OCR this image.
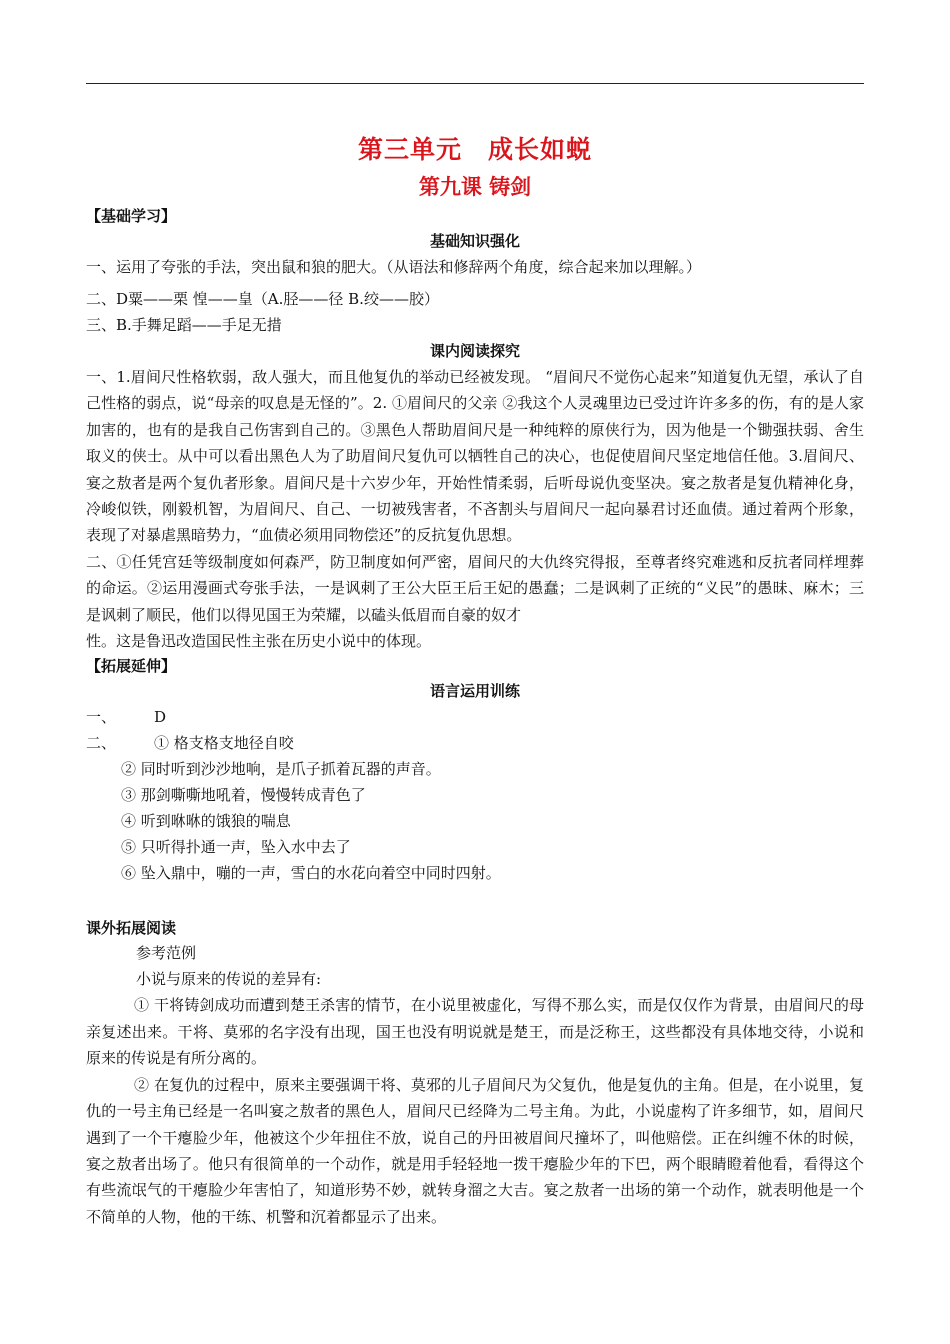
第三单元　成长如蜕
第九课 铸剑
【基础学习】
基础知识强化
一、运用了夸张的手法，突出鼠和狼的肥大。（从语法和修辞两个角度，综合起来加以理解。）
二、D粟——栗 惶——皇（A.胫——径 B.绞——胶）
三、B.手舞足蹈——手足无措
课内阅读探究
一、1.眉间尺性格软弱，敌人强大，而且他复仇的举动已经被发现。 “眉间尺不觉伤心起来”知道复仇无望，承认了自己性格的弱点，说“母亲的叹息是无怪的”。2. ①眉间尺的父亲 ②我这个人灵魂里边已受过许许多多的伤，有的是人家加害的，也有的是我自己伤害到自己的。③黑色人帮助眉间尺是一种纯粹的原侠行为，因为他是一个锄强扶弱、舍生取义的侠士。从中可以看出黑色人为了助眉间尺复仇可以牺牲自己的决心，也促使眉间尺坚定地信任他。3.眉间尺、宴之敖者是两个复仇者形象。眉间尺是十六岁少年，开始性情柔弱，后听母说仇变坚决。宴之敖者是复仇精神化身，冷峻似铁，刚毅机智，为眉间尺、自己、一切被残害者，不吝割头与眉间尺一起向暴君讨还血债。通过着两个形象，表现了对暴虐黑暗势力，“血债必须用同物偿还”的反抗复仇思想。
二、①任凭宫廷等级制度如何森严，防卫制度如何严密，眉间尺的大仇终究得报，至尊者终究难逃和反抗者同样埋葬的命运。②运用漫画式夸张手法，一是讽刺了王公大臣王后王妃的愚蠢；二是讽刺了正统的“义民”的愚昧、麻木；三是讽刺了顺民，他们以得见国王为荣耀，以磕头低眉而自豪的奴才
性。这是鲁迅改造国民性主张在历史小说中的体现。
【拓展延伸】
语言运用训练
一、	D
二、	① 格支格支地径自咬
② 同时听到沙沙地响，是爪子抓着瓦器的声音。
③ 那剑嘶嘶地吼着，慢慢转成青色了
④ 听到咻咻的饿狼的喘息
⑤ 只听得扑通一声，坠入水中去了
⑥ 坠入鼎中，嘣的一声，雪白的水花向着空中同时四射。
课外拓展阅读
参考范例
小说与原来的传说的差异有:
① 干将铸剑成功而遭到楚王杀害的情节，在小说里被虚化，写得不那么实，而是仅仅作为背景，由眉间尺的母亲复述出来。干将、莫邪的名字没有出现，国王也没有明说就是楚王，而是泛称王，这些都没有具体地交待，小说和原来的传说是有所分离的。
② 在复仇的过程中，原来主要强调干将、莫邪的儿子眉间尺为父复仇，他是复仇的主角。但是，在小说里，复仇的一号主角已经是一名叫宴之敖者的黑色人，眉间尺已经降为二号主角。为此，小说虚构了许多细节，如，眉间尺遇到了一个干瘪脸少年，他被这个少年扭住不放，说自己的丹田被眉间尺撞坏了，叫他赔偿。正在纠缠不休的时候，宴之敖者出场了。他只有很简单的一个动作，就是用手轻轻地一拨干瘪脸少年的下巴，两个眼睛瞪着他看，看得这个有些流氓气的干瘪脸少年害怕了，知道形势不妙，就转身溜之大吉。宴之敖者一出场的第一个动作，就表明他是一个不简单的人物，他的干练、机警和沉着都显示了出来。
